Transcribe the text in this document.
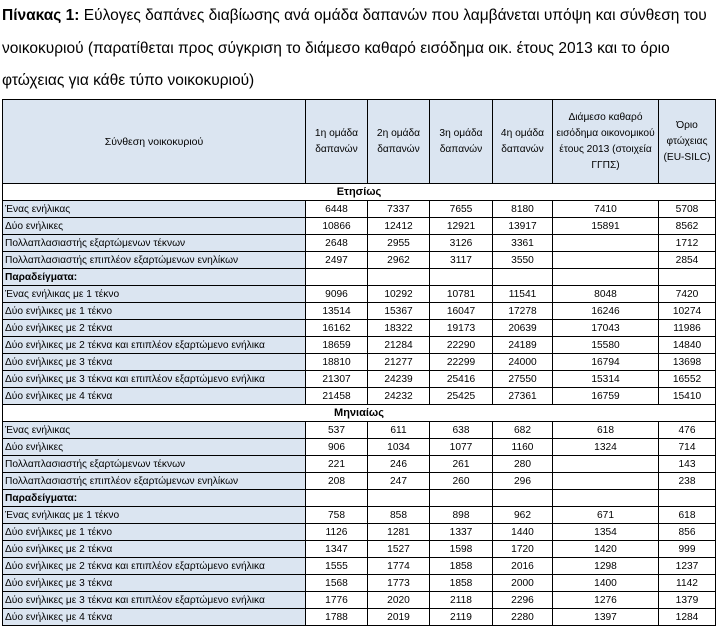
Πίνακας 1: Εύλογες δαπάνες διαβίωσης ανά ομάδα δαπανών που λαμβάνεται υπόψη και σύνθεση του νοικοκυριού (παρατίθεται προς σύγκριση το διάμεσο καθαρό εισόδημα οικ. έτους 2013 και το όριο φτώχειας για κάθε τύπο νοικοκυριού)
Σύνθεση νοικοκυριού	1η ομάδα δαπανών	2η ομάδα δαπανών	3η ομάδα δαπανών	4η ομάδα δαπανών	Διάμεσο καθαρό εισόδημα οικονομικού έτους 2013 (στοιχεία ΓΓΠΣ)	Όριο φτώχειας (EU-SILC)
Ετησίως						
Ένας ενήλικας	6448	7337	7655	8180	7410	5708
Δύο ενήλικες	10866	12412	12921	13917	15891	8562
Πολλαπλασιαστής εξαρτώμενων τέκνων	2648	2955	3126	3361		1712
Πολλαπλασιαστής επιπλέον εξαρτώμενων ενηλίκων	2497	2962	3117	3550		2854
Παραδείγματα:						
Ένας ενήλικας με 1 τέκνο	9096	10292	10781	11541	8048	7420
Δύο ενήλικες με 1 τέκνο	13514	15367	16047	17278	16246	10274
Δύο ενήλικες με 2 τέκνα	16162	18322	19173	20639	17043	11986
Δύο ενήλικες με 2 τέκνα και επιπλέον εξαρτώμενο ενήλικα	18659	21284	22290	24189	15580	14840
Δύο ενήλικες με 3 τέκνα	18810	21277	22299	24000	16794	13698
Δύο ενήλικες με 3 τέκνα και επιπλέον εξαρτώμενο ενήλικα	21307	24239	25416	27550	15314	16552
Δύο ενήλικες με 4 τέκνα	21458	24232	25425	27361	16759	15410
Μηνιαίως						
Ένας ενήλικας	537	611	638	682	618	476
Δύο ενήλικες	906	1034	1077	1160	1324	714
Πολλαπλασιαστής εξαρτώμενων τέκνων	221	246	261	280		143
Πολλαπλασιαστής επιπλέον εξαρτώμενων ενηλίκων	208	247	260	296		238
Παραδείγματα:						
Ένας ενήλικας με 1 τέκνο	758	858	898	962	671	618
Δύο ενήλικες με 1 τέκνο	1126	1281	1337	1440	1354	856
Δύο ενήλικες με 2 τέκνα	1347	1527	1598	1720	1420	999
Δύο ενήλικες με 2 τέκνα και επιπλέον εξαρτώμενο ενήλικα	1555	1774	1858	2016	1298	1237
Δύο ενήλικες με 3 τέκνα	1568	1773	1858	2000	1400	1142
Δύο ενήλικες με 3 τέκνα και επιπλέον εξαρτώμενο ενήλικα	1776	2020	2118	2296	1276	1379
Δύο ενήλικες με 4 τέκνα	1788	2019	2119	2280	1397	1284
